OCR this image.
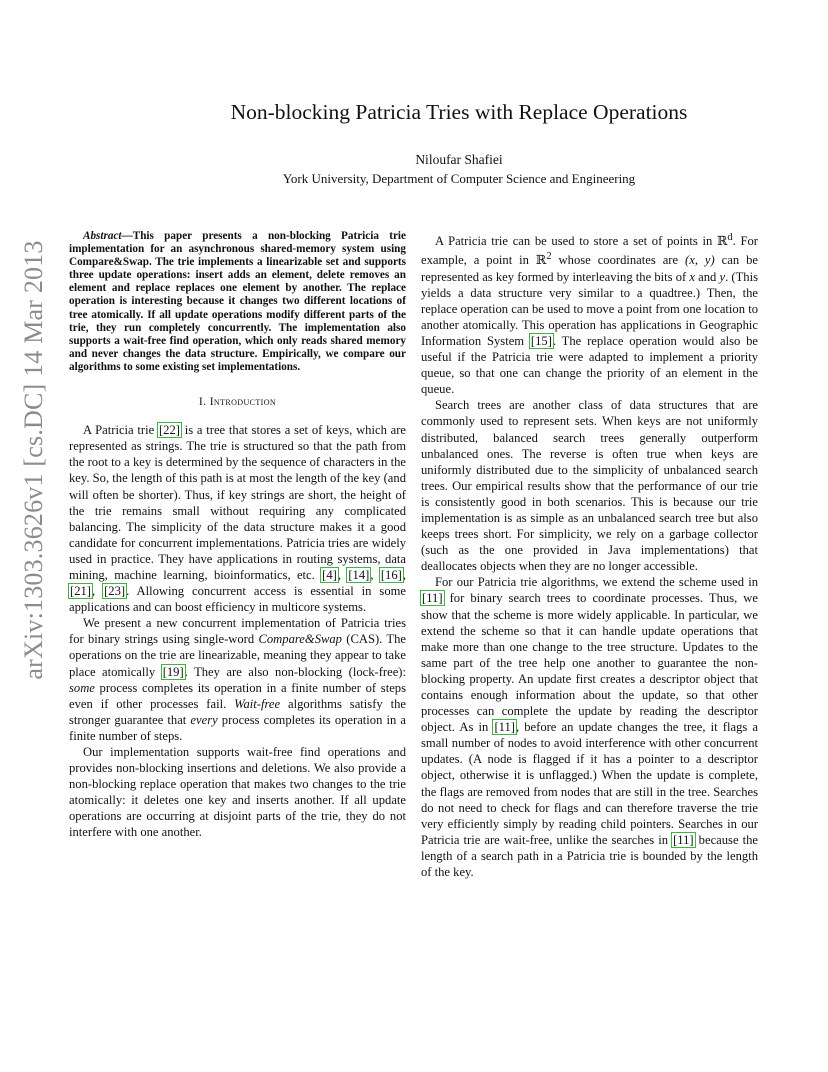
arXiv:1303.3626v1 [cs.DC] 14 Mar 2013
Non-blocking Patricia Tries with Replace Operations
Niloufar Shafiei
York University, Department of Computer Science and Engineering

Abstract—This paper presents a non-blocking Patricia trie implementation for an asynchronous shared-memory system using Compare&Swap. The trie implements a linearizable set and supports three update operations: insert adds an element, delete removes an element and replace replaces one element by another. The replace operation is interesting because it changes two different locations of tree atomically. If all update operations modify different parts of the trie, they run completely concurrently. The implementation also supports a wait-free find operation, which only reads shared memory and never changes the data structure. Empirically, we compare our algorithms to some existing set implementations.

I. Introduction

A Patricia trie [22] is a tree that stores a set of keys, which are represented as strings. The trie is structured so that the path from the root to a key is determined by the sequence of characters in the key. So, the length of this path is at most the length of the key (and will often be shorter). Thus, if key strings are short, the height of the trie remains small without requiring any complicated balancing. The simplicity of the data structure makes it a good candidate for concurrent implementations. Patricia tries are widely used in practice. They have applications in routing systems, data mining, machine learning, bioinformatics, etc. [4], [14], [16], [21], [23]. Allowing concurrent access is essential in some applications and can boost efficiency in multicore systems.

We present a new concurrent implementation of Patricia tries for binary strings using single-word Compare&Swap (CAS). The operations on the trie are linearizable, meaning they appear to take place atomically [19]. They are also non-blocking (lock-free): some process completes its operation in a finite number of steps even if other processes fail. Wait-free algorithms satisfy the stronger guarantee that every process completes its operation in a finite number of steps.

Our implementation supports wait-free find operations and provides non-blocking insertions and deletions. We also provide a non-blocking replace operation that makes two changes to the trie atomically: it deletes one key and inserts another. If all update operations are occurring at disjoint parts of the trie, they do not interfere with one another.

A Patricia trie can be used to store a set of points in ℝ$^d$. For example, a point in ℝ$^2$ whose coordinates are (x, y) can be represented as key formed by interleaving the bits of x and y. (This yields a data structure very similar to a quadtree.) Then, the replace operation can be used to move a point from one location to another atomically. This operation has applications in Geographic Information System [15]. The replace operation would also be useful if the Patricia trie were adapted to implement a priority queue, so that one can change the priority of an element in the queue.

Search trees are another class of data structures that are commonly used to represent sets. When keys are not uniformly distributed, balanced search trees generally outperform unbalanced ones. The reverse is often true when keys are uniformly distributed due to the simplicity of unbalanced search trees. Our empirical results show that the performance of our trie is consistently good in both scenarios. This is because our trie implementation is as simple as an unbalanced search tree but also keeps trees short. For simplicity, we rely on a garbage collector (such as the one provided in Java implementations) that deallocates objects when they are no longer accessible.

For our Patricia trie algorithms, we extend the scheme used in [11] for binary search trees to coordinate processes. Thus, we show that the scheme is more widely applicable. In particular, we extend the scheme so that it can handle update operations that make more than one change to the tree structure. Updates to the same part of the tree help one another to guarantee the non-blocking property. An update first creates a descriptor object that contains enough information about the update, so that other processes can complete the update by reading the descriptor object. As in [11], before an update changes the tree, it flags a small number of nodes to avoid interference with other concurrent updates. (A node is flagged if it has a pointer to a descriptor object, otherwise it is unflagged.) When the update is complete, the flags are removed from nodes that are still in the tree. Searches do not need to check for flags and can therefore traverse the trie very efficiently simply by reading child pointers. Searches in our Patricia trie are wait-free, unlike the searches in [11] because the length of a search path in a Patricia trie is bounded by the length of the key.
